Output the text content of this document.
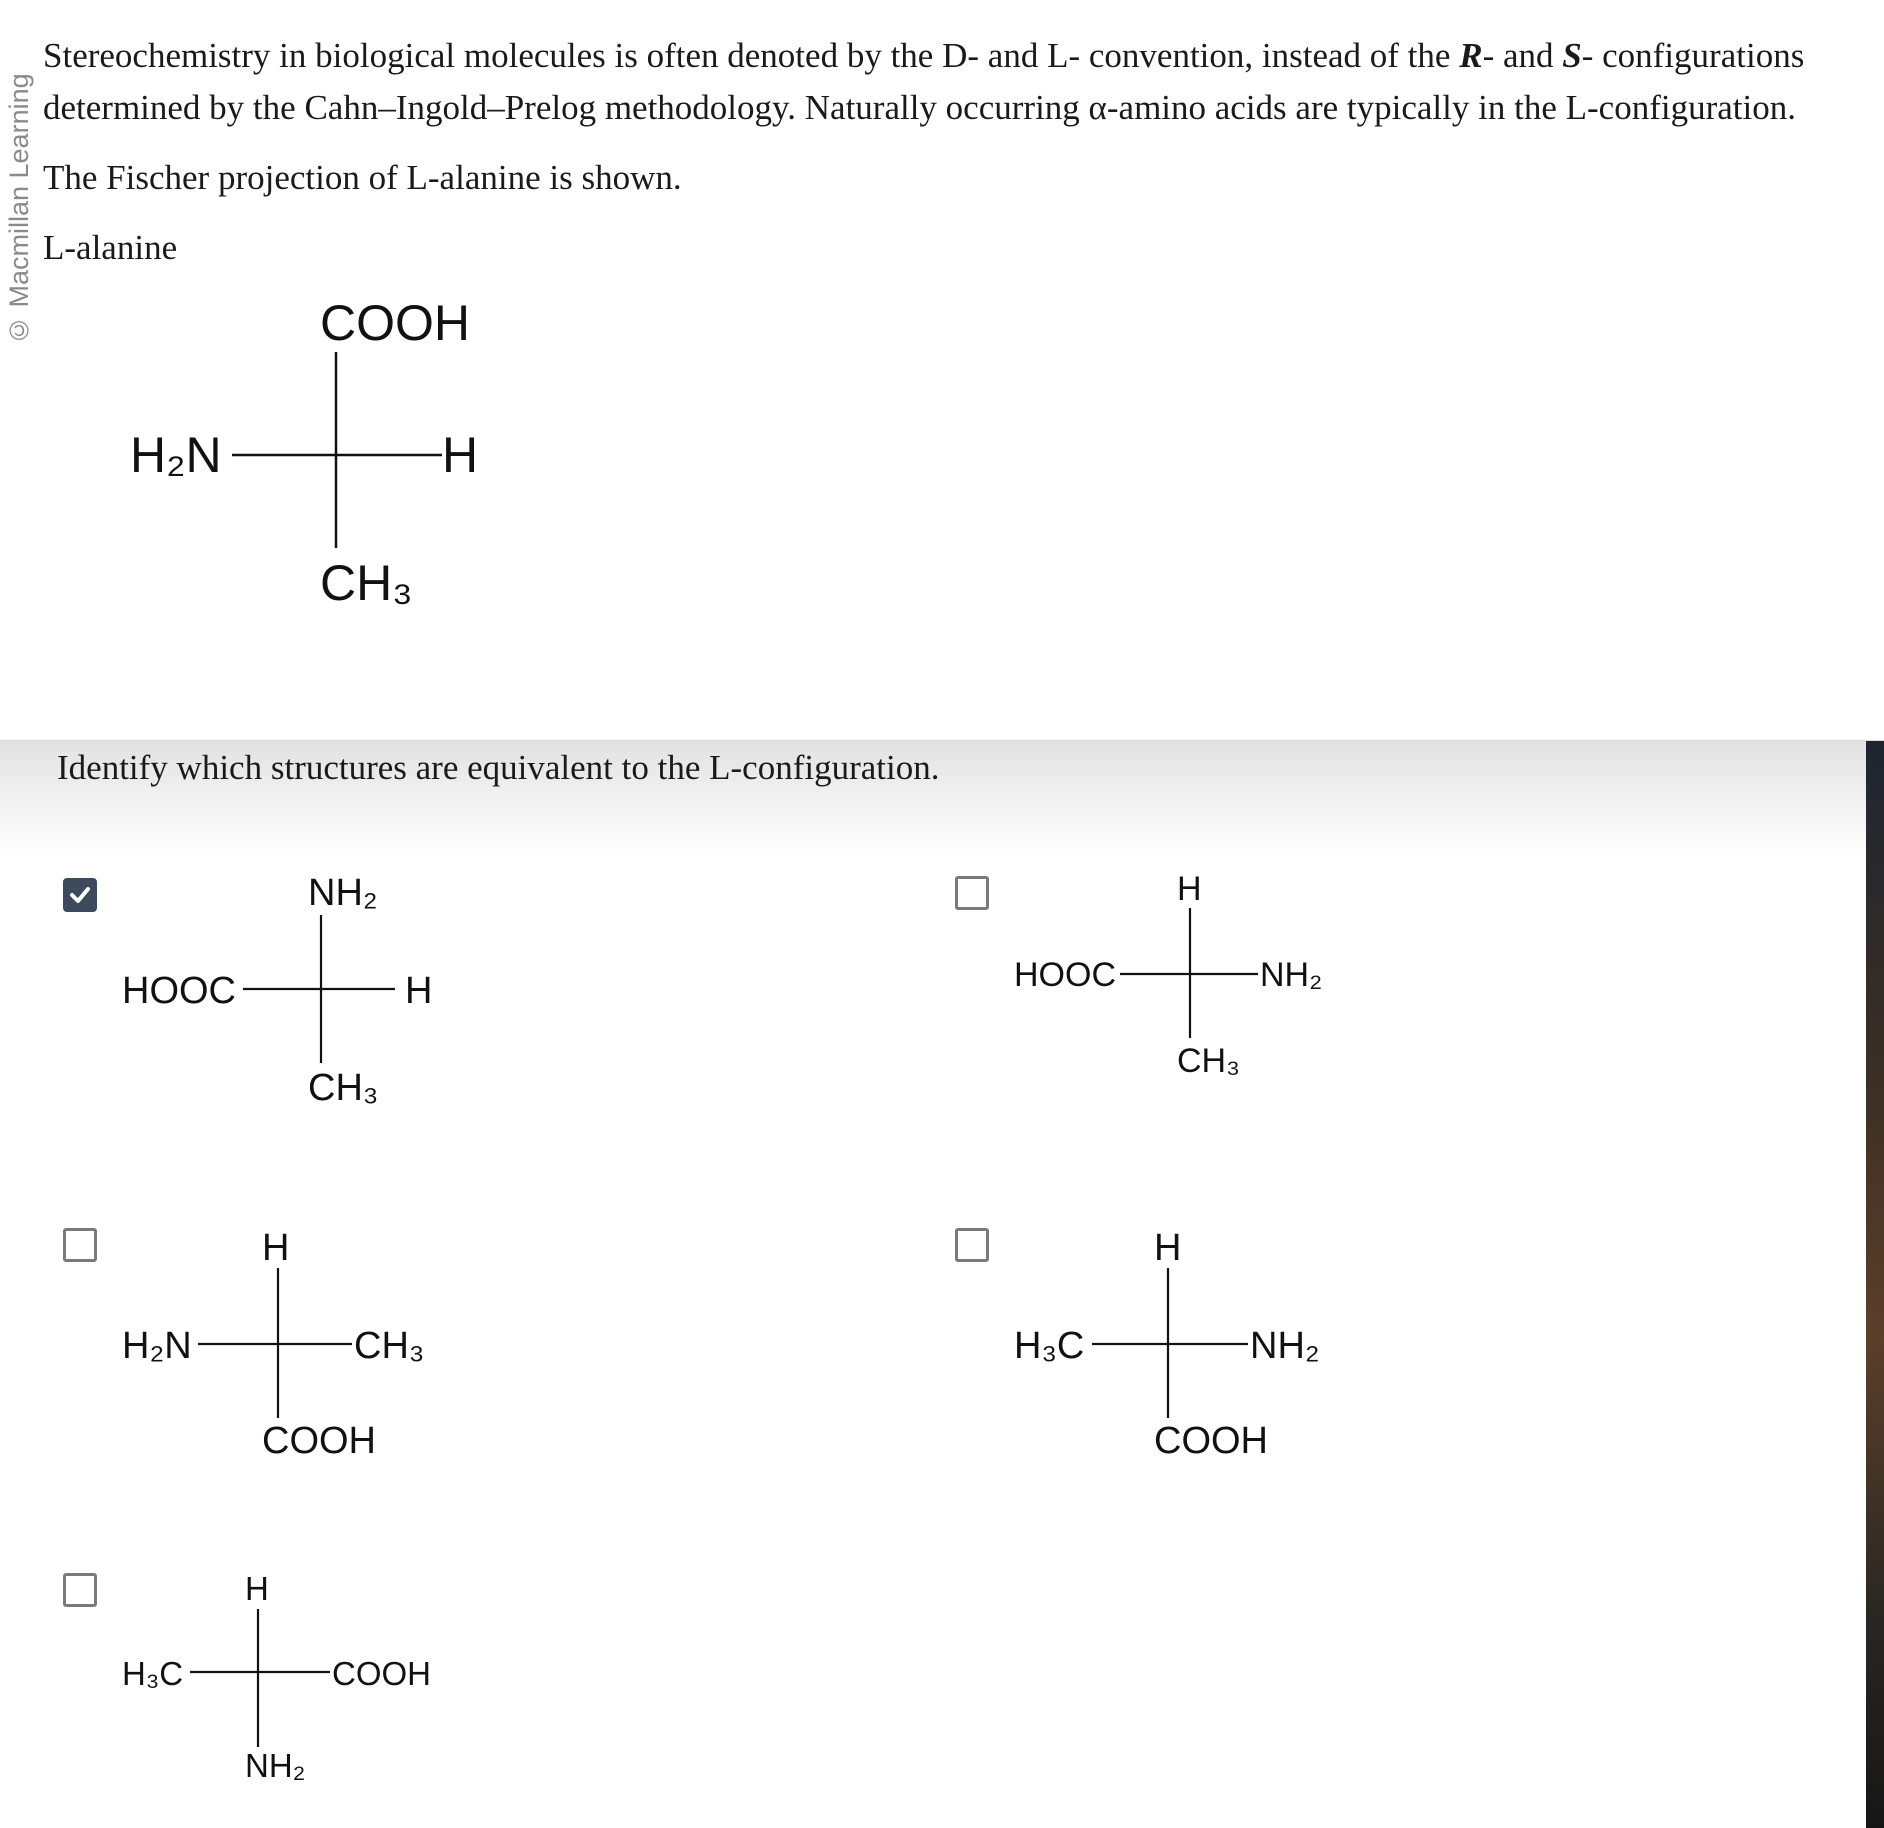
© Macmillan Learning

Stereochemistry in biological molecules is often denoted by the D- and L- convention, instead of the R- and S- configurations determined by the Cahn–Ingold–Prelog methodology. Naturally occurring α-amino acids are typically in the L-configuration.

The Fischer projection of L-alanine is shown.

L-alanine

COOH
H₂N	H
CH₃
Identify which structures are equivalent to the L-configuration.
NH₂
HOOC	H
CH₃
H
HOOC	NH₂
CH₃
H
H₂N	CH₃
COOH
H
H₃C	NH₂
COOH
H
H₃C	COOH
NH₂
